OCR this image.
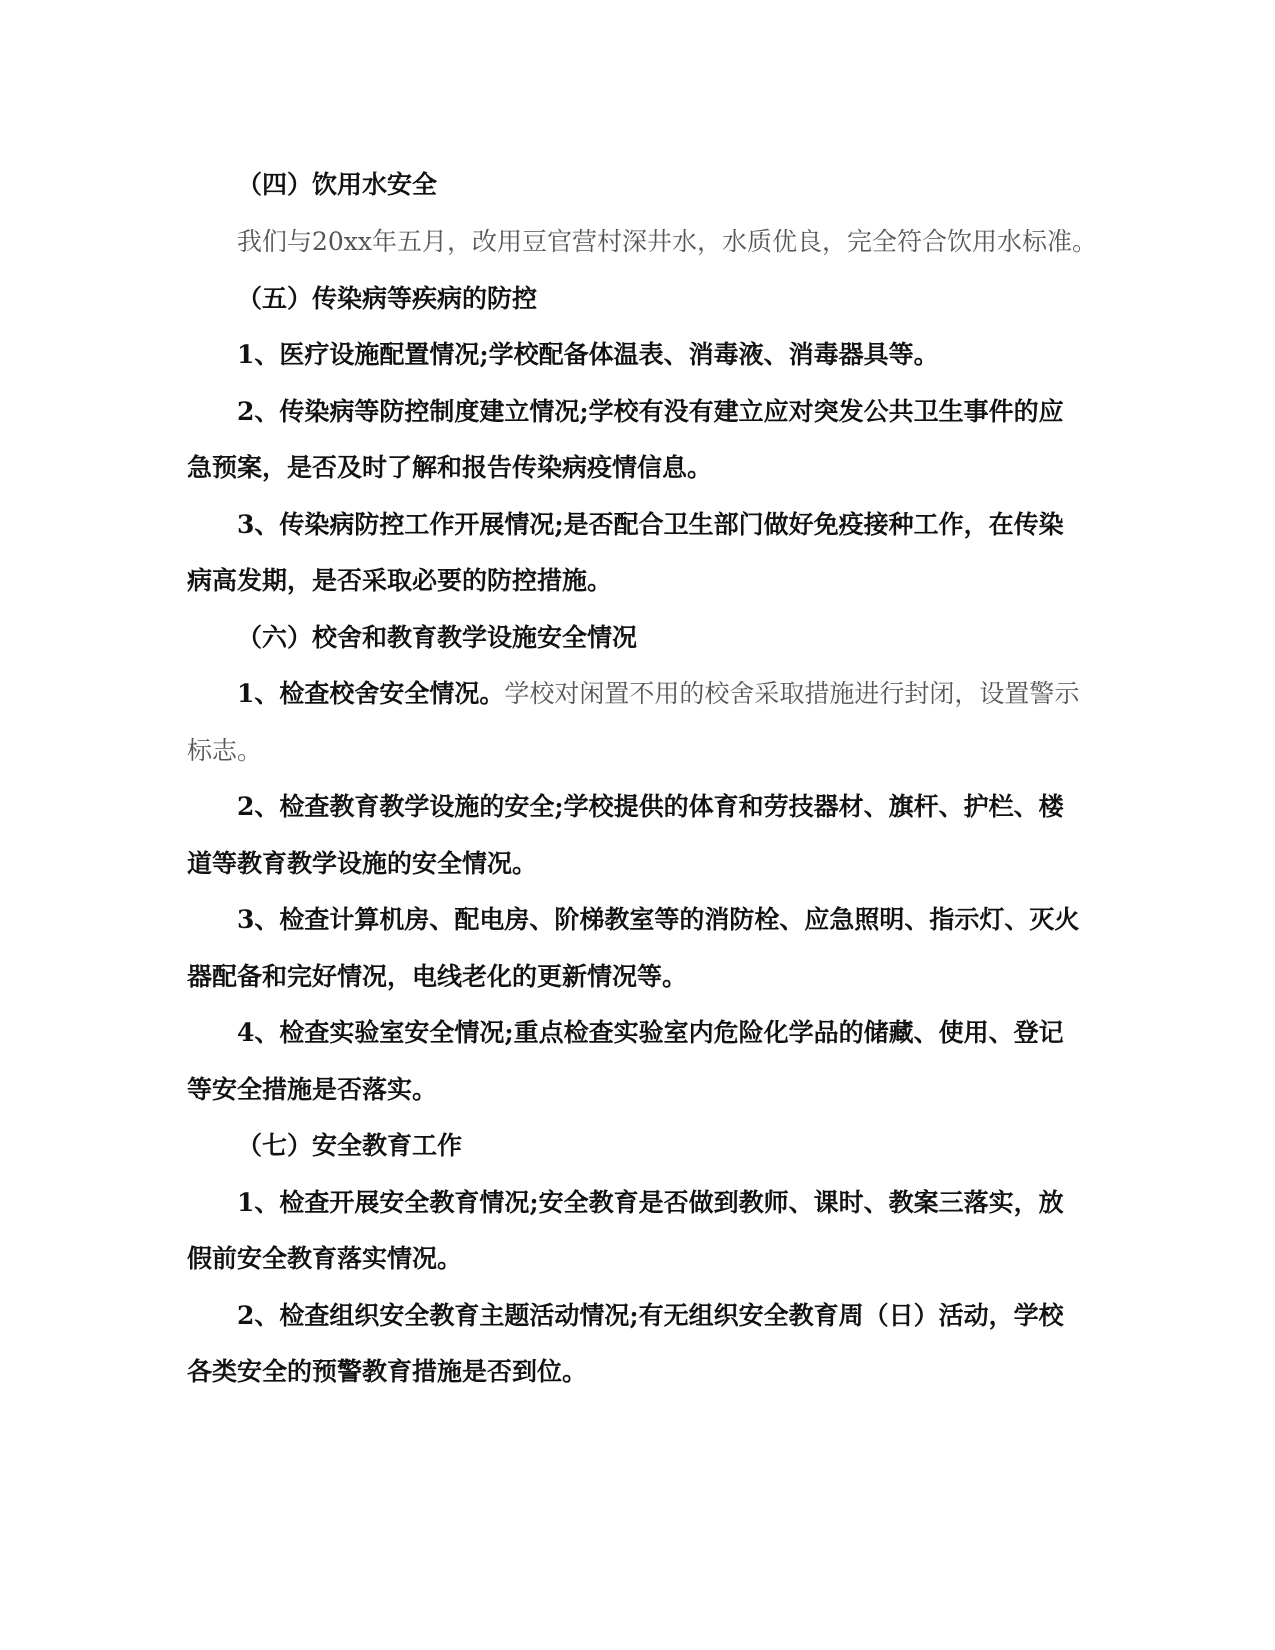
（四）饮用水安全
我们与20xx年五月，改用豆官营村深井水，水质优良，完全符合饮用水标准。
（五）传染病等疾病的防控
1、医疗设施配置情况;学校配备体温表、消毒液、消毒器具等。
2、传染病等防控制度建立情况;学校有没有建立应对突发公共卫生事件的应
急预案，是否及时了解和报告传染病疫情信息。
3、传染病防控工作开展情况;是否配合卫生部门做好免疫接种工作，在传染
病高发期，是否采取必要的防控措施。
（六）校舍和教育教学设施安全情况
1、检查校舍安全情况。学校对闲置不用的校舍采取措施进行封闭，设置警示
标志。
2、检查教育教学设施的安全;学校提供的体育和劳技器材、旗杆、护栏、楼
道等教育教学设施的安全情况。
3、检查计算机房、配电房、阶梯教室等的消防栓、应急照明、指示灯、灭火
器配备和完好情况，电线老化的更新情况等。
4、检查实验室安全情况;重点检查实验室内危险化学品的储藏、使用、登记
等安全措施是否落实。
（七）安全教育工作
1、检查开展安全教育情况;安全教育是否做到教师、课时、教案三落实，放
假前安全教育落实情况。
2、检查组织安全教育主题活动情况;有无组织安全教育周（日）活动，学校
各类安全的预警教育措施是否到位。
